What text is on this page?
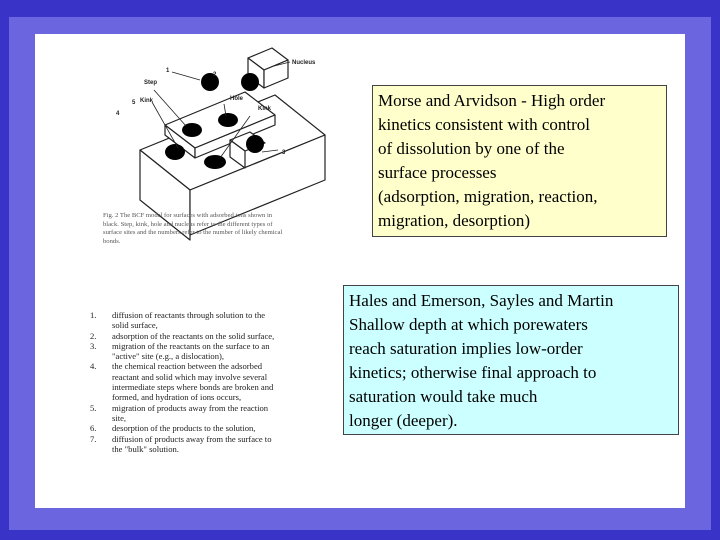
Nucleus
Step
Hole
Kink
Kink
1
2
3
4
5
Fig. 2 The BCF model for surfaces with adsorbed ions shown in
black. Step, kink, hole and nucleus refer to the different types of
surface sites and the numbers refer to the number of likely chemical
bonds.
1. diffusion of reactants through solution to the
solid surface,
2. adsorption of the reactants on the solid surface,
3. migration of the reactants on the surface to an
"active" site (e.g., a dislocation),
4. the chemical reaction between the adsorbed
reactant and solid which may involve several
intermediate steps where bonds are broken and
formed, and hydration of ions occurs,
5. migration of products away from the reaction
site,
6. desorption of the products to the solution,
7. diffusion of products away from the surface to
the "bulk" solution.
Morse and Arvidson - High order
kinetics consistent with control
of dissolution by one of the
surface processes
(adsorption, migration, reaction,
migration, desorption)
Hales and Emerson, Sayles and Martin
Shallow depth at which porewaters
reach saturation implies low-order
kinetics; otherwise final approach to
saturation would take much
longer (deeper).
